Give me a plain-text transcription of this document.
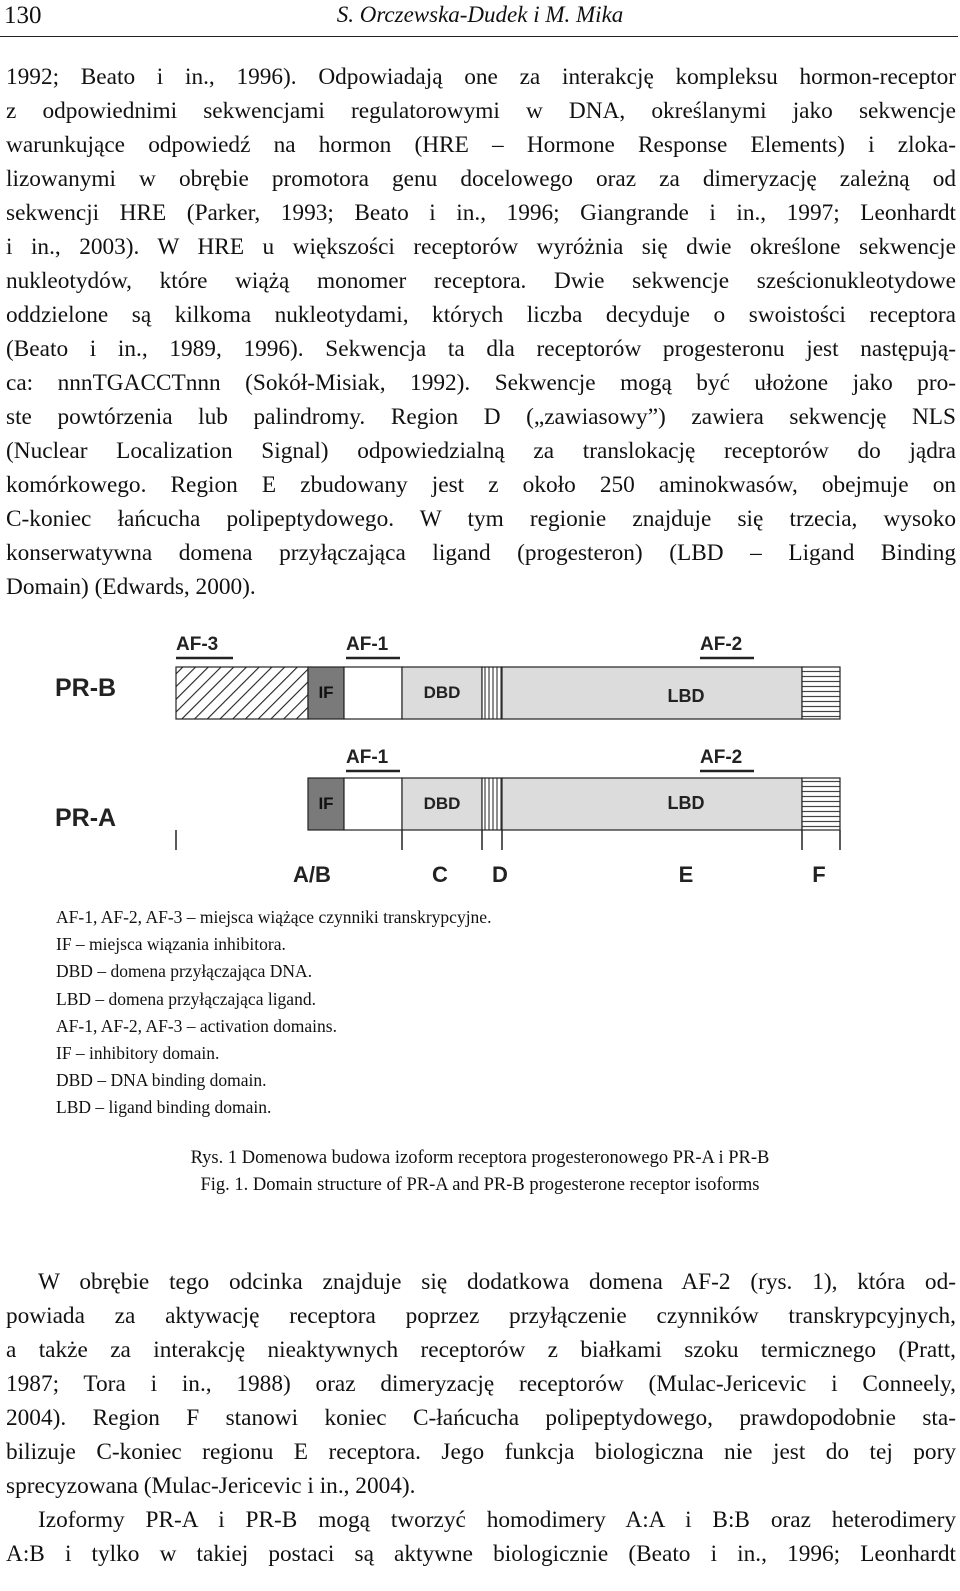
130	S. Orczewska-Dudek i M. Mika

1992; Beato i in., 1996). Odpowiadają one za interakcję kompleksu hormon-receptor

z odpowiednimi sekwencjami regulatorowymi w DNA, określanymi jako sekwencje

warunkujące odpowiedź na hormon (HRE – Hormone Response Elements) i zloka-

lizowanymi w obrębie promotora genu docelowego oraz za dimeryzację zależną od

sekwencji HRE (Parker, 1993; Beato i in., 1996; Giangrande i in., 1997; Leonhardt

i in., 2003). W HRE u większości receptorów wyróżnia się dwie określone sekwencje

nukleotydów, które wiążą monomer receptora. Dwie sekwencje sześcionukleotydowe

oddzielone są kilkoma nukleotydami, których liczba decyduje o swoistości receptora

(Beato i in., 1989, 1996). Sekwencja ta dla receptorów progesteronu jest następują-

ca: nnnTGACCTnnn (Sokół-Misiak, 1992). Sekwencje mogą być ułożone jako pro-

ste powtórzenia lub palindromy. Region D („zawiasowy”) zawiera sekwencję NLS

(Nuclear Localization Signal) odpowiedzialną za translokację receptorów do jądra

komórkowego. Region E zbudowany jest z około 250 aminokwasów, obejmuje on

C-koniec łańcucha polipeptydowego. W tym regionie znajduje się trzecia, wysoko

konserwatywna domena przyłączająca ligand (progesteron) (LBD – Ligand Binding

Domain) (Edwards, 2000).

PR-B
AF-3	AF-1	AF-2
IF	DBD	LBD
PR-A
AF-1	AF-2
IF	DBD	LBD
A/B	C D	E	F
AF-1, AF-2, AF-3 – miejsca wiążące czynniki transkrypcyjne.
IF – miejsca wiązania inhibitora.
DBD – domena przyłączająca DNA.
LBD – domena przyłączająca ligand.
AF-1, AF-2, AF-3 – activation domains.
IF – inhibitory domain.
DBD – DNA binding domain.
LBD – ligand binding domain.
Rys. 1 Domenowa budowa izoform receptora progesteronowego PR-A i PR-B
Fig. 1. Domain structure of PR-A and PR-B progesterone receptor isoforms

W obrębie tego odcinka znajduje się dodatkowa domena AF-2 (rys. 1), która od-

powiada za aktywację receptora poprzez przyłączenie czynników transkrypcyjnych,

a także za interakcję nieaktywnych receptorów z białkami szoku termicznego (Pratt,

1987; Tora i in., 1988) oraz dimeryzację receptorów (Mulac-Jericevic i Conneely,

2004). Region F stanowi koniec C-łańcucha polipeptydowego, prawdopodobnie sta-

bilizuje C-koniec regionu E receptora. Jego funkcja biologiczna nie jest do tej pory

sprecyzowana (Mulac-Jericevic i in., 2004).

Izoformy PR-A i PR-B mogą tworzyć homodimery A:A i B:B oraz heterodimery

A:B i tylko w takiej postaci są aktywne biologicznie (Beato i in., 1996; Leonhardt
